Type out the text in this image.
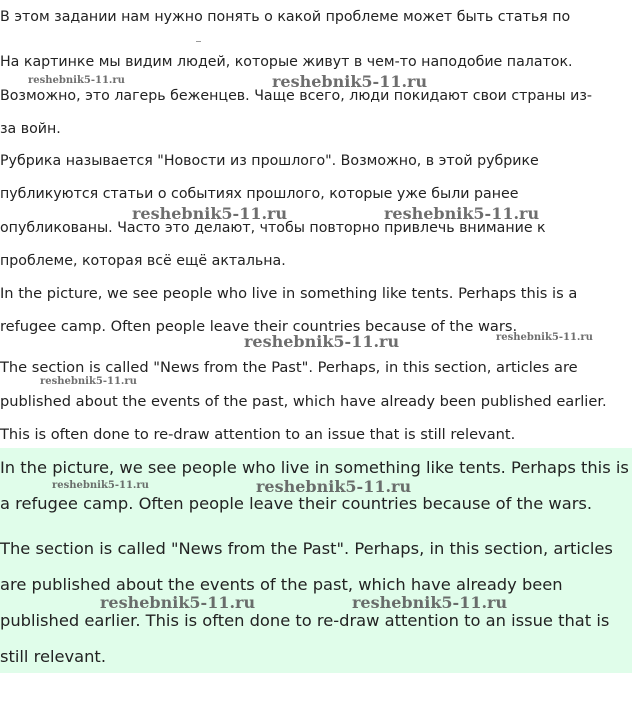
В этом задании нам нужно понять о какой проблеме может быть статья по
На картинке мы видим людей, которые живут в чем-то наподобие палаток.
Возможно, это лагерь беженцев. Чаще всего, люди покидают свои страны из-
за войн.
Рубрика называется "Новости из прошлого". Возможно, в этой рубрике
публикуются статьи о событиях прошлого, которые уже были ранее
опубликованы. Часто это делают, чтобы повторно привлечь внимание к
проблеме, которая всё ещё актальна.
In the picture, we see people who live in something like tents. Perhaps this is a
refugee camp. Often people leave their countries because of the wars.
The section is called "News from the Past". Perhaps, in this section, articles are
published about the events of the past, which have already been published earlier.
This is often done to re-draw attention to an issue that is still relevant.
In the picture, we see people who live in something like tents. Perhaps this is
a refugee camp. Often people leave their countries because of the wars.
The section is called "News from the Past". Perhaps, in this section, articles
are published about the events of the past, which have already been
published earlier. This is often done to re-draw attention to an issue that is
still relevant.
reshebnik5-11.ru	reshebnik5-11.ru
reshebnik5-11.ru	reshebnik5-11.ru
reshebnik5-11.ru	reshebnik5-11.ru
reshebnik5-11.ru
reshebnik5-11.ru	reshebnik5-11.ru
reshebnik5-11.ru	reshebnik5-11.ru
